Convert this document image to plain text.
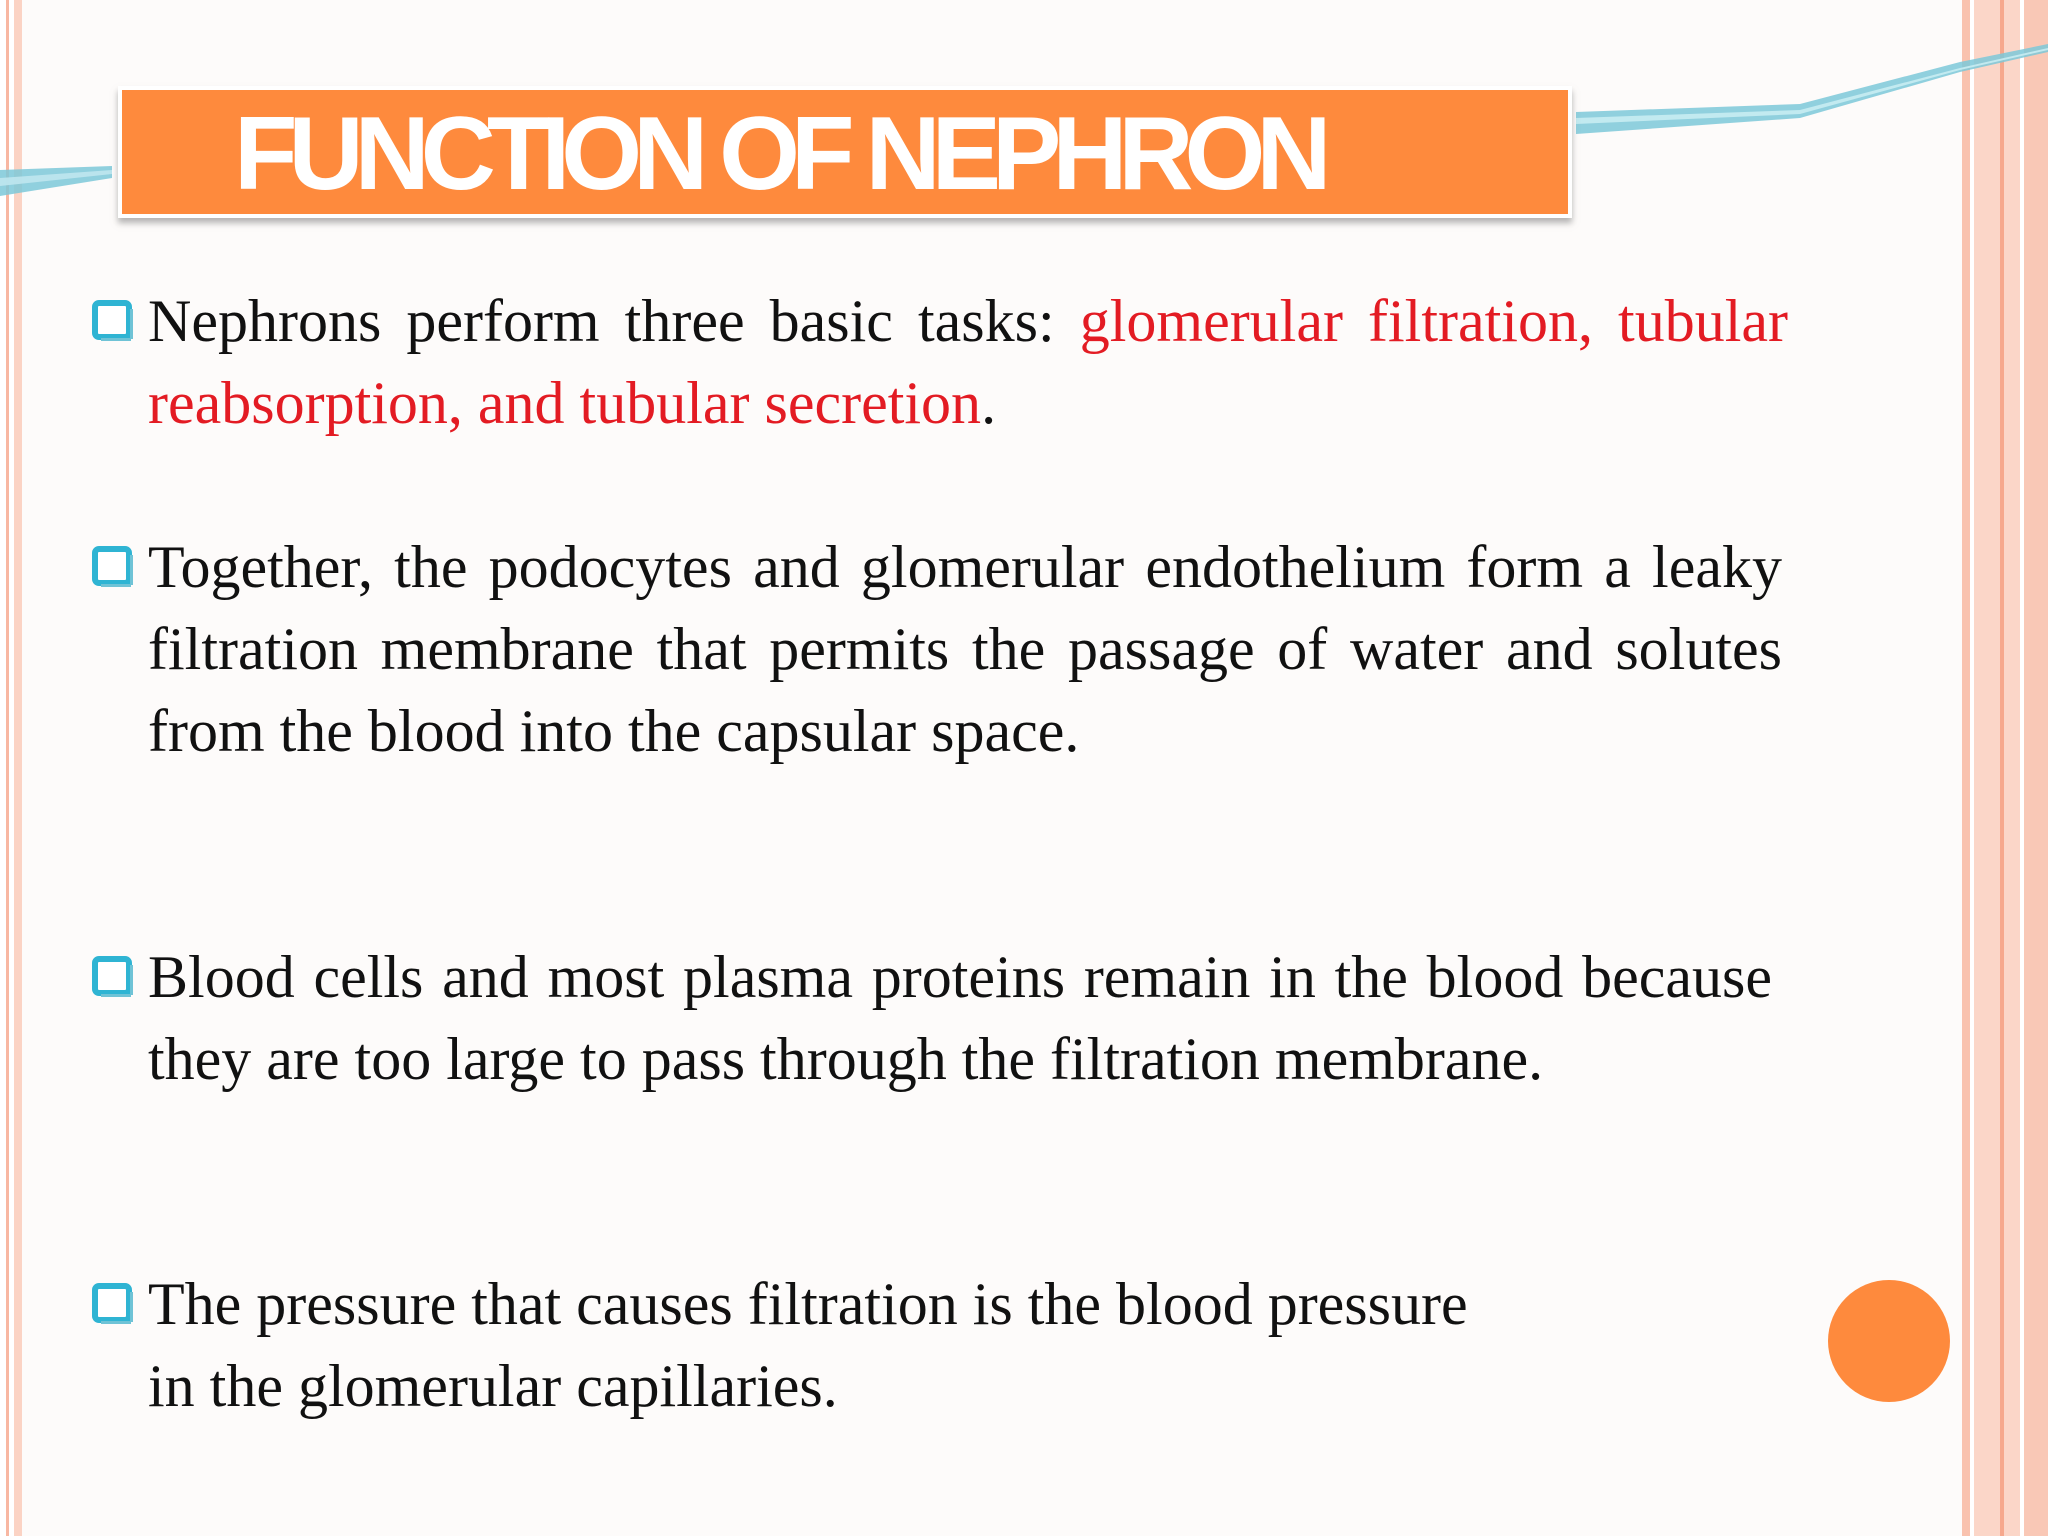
FUNCTION OF NEPHRON
Nephrons perform three basic tasks: glomerular filtration, tubular reabsorption, and tubular secretion.
Together, the podocytes and glomerular endothelium form a leaky filtration membrane that permits the passage of water and solutes from the blood into the capsular space.
Blood cells and most plasma proteins remain in the blood because they are too large to pass through the filtration membrane.
The pressure that causes filtration is the blood pressure in the glomerular capillaries.
